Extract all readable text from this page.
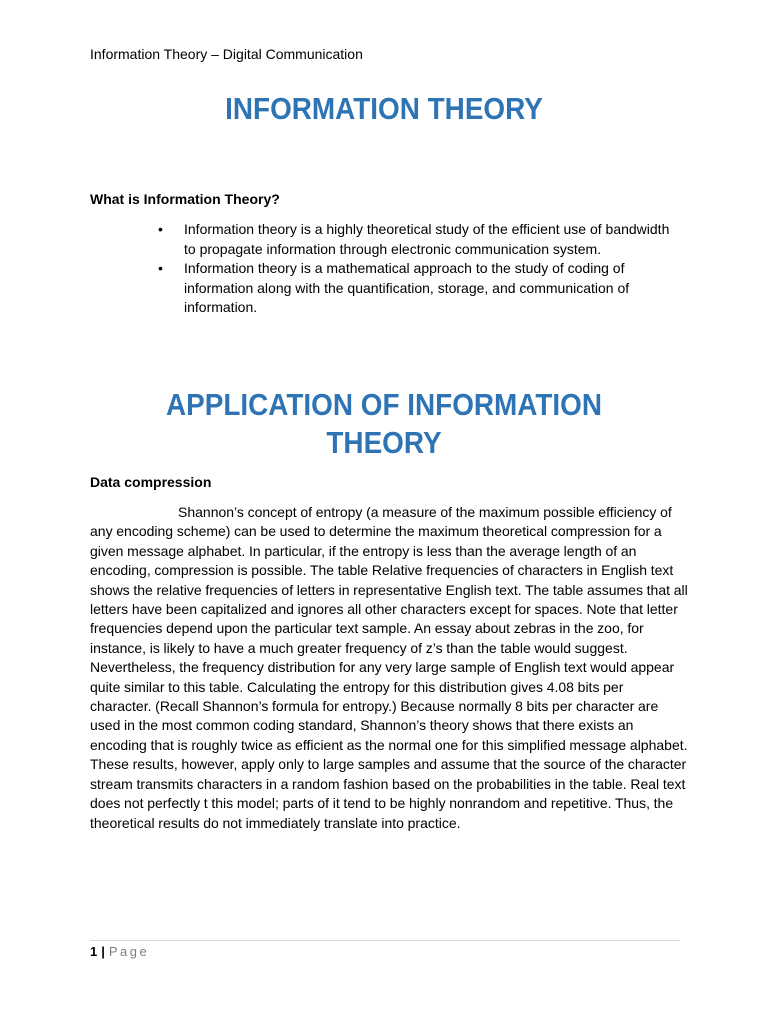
Information Theory – Digital Communication
INFORMATION THEORY
What is Information Theory?
• Information theory is a highly theoretical study of the efficient use of bandwidth to propagate information through electronic communication system.
• Information theory is a mathematical approach to the study of coding of information along with the quantification, storage, and communication of information.
APPLICATION OF INFORMATION
THEORY
Data compression

Shannon’s concept of entropy (a measure of the maximum possible efficiency of any encoding scheme) can be used to determine the maximum theoretical compression for a given message alphabet. In particular, if the entropy is less than the average length of an encoding, compression is possible. The table Relative frequencies of characters in English text shows the relative frequencies of letters in representative English text. The table assumes that all letters have been capitalized and ignores all other characters except for spaces. Note that letter frequencies depend upon the particular text sample. An essay about zebras in the zoo, for instance, is likely to have a much greater frequency of z’s than the table would suggest. Nevertheless, the frequency distribution for any very large sample of English text would appear quite similar to this table. Calculating the entropy for this distribution gives 4.08 bits per character. (Recall Shannon’s formula for entropy.) Because normally 8 bits per character are used in the most common coding standard, Shannon’s theory shows that there exists an encoding that is roughly twice as efficient as the normal one for this simplified message alphabet. These results, however, apply only to large samples and assume that the source of the character stream transmits characters in a random fashion based on the probabilities in the table. Real text does not perfectly t this model; parts of it tend to be highly nonrandom and repetitive. Thus, the theoretical results do not immediately translate into practice.

1 | Page
